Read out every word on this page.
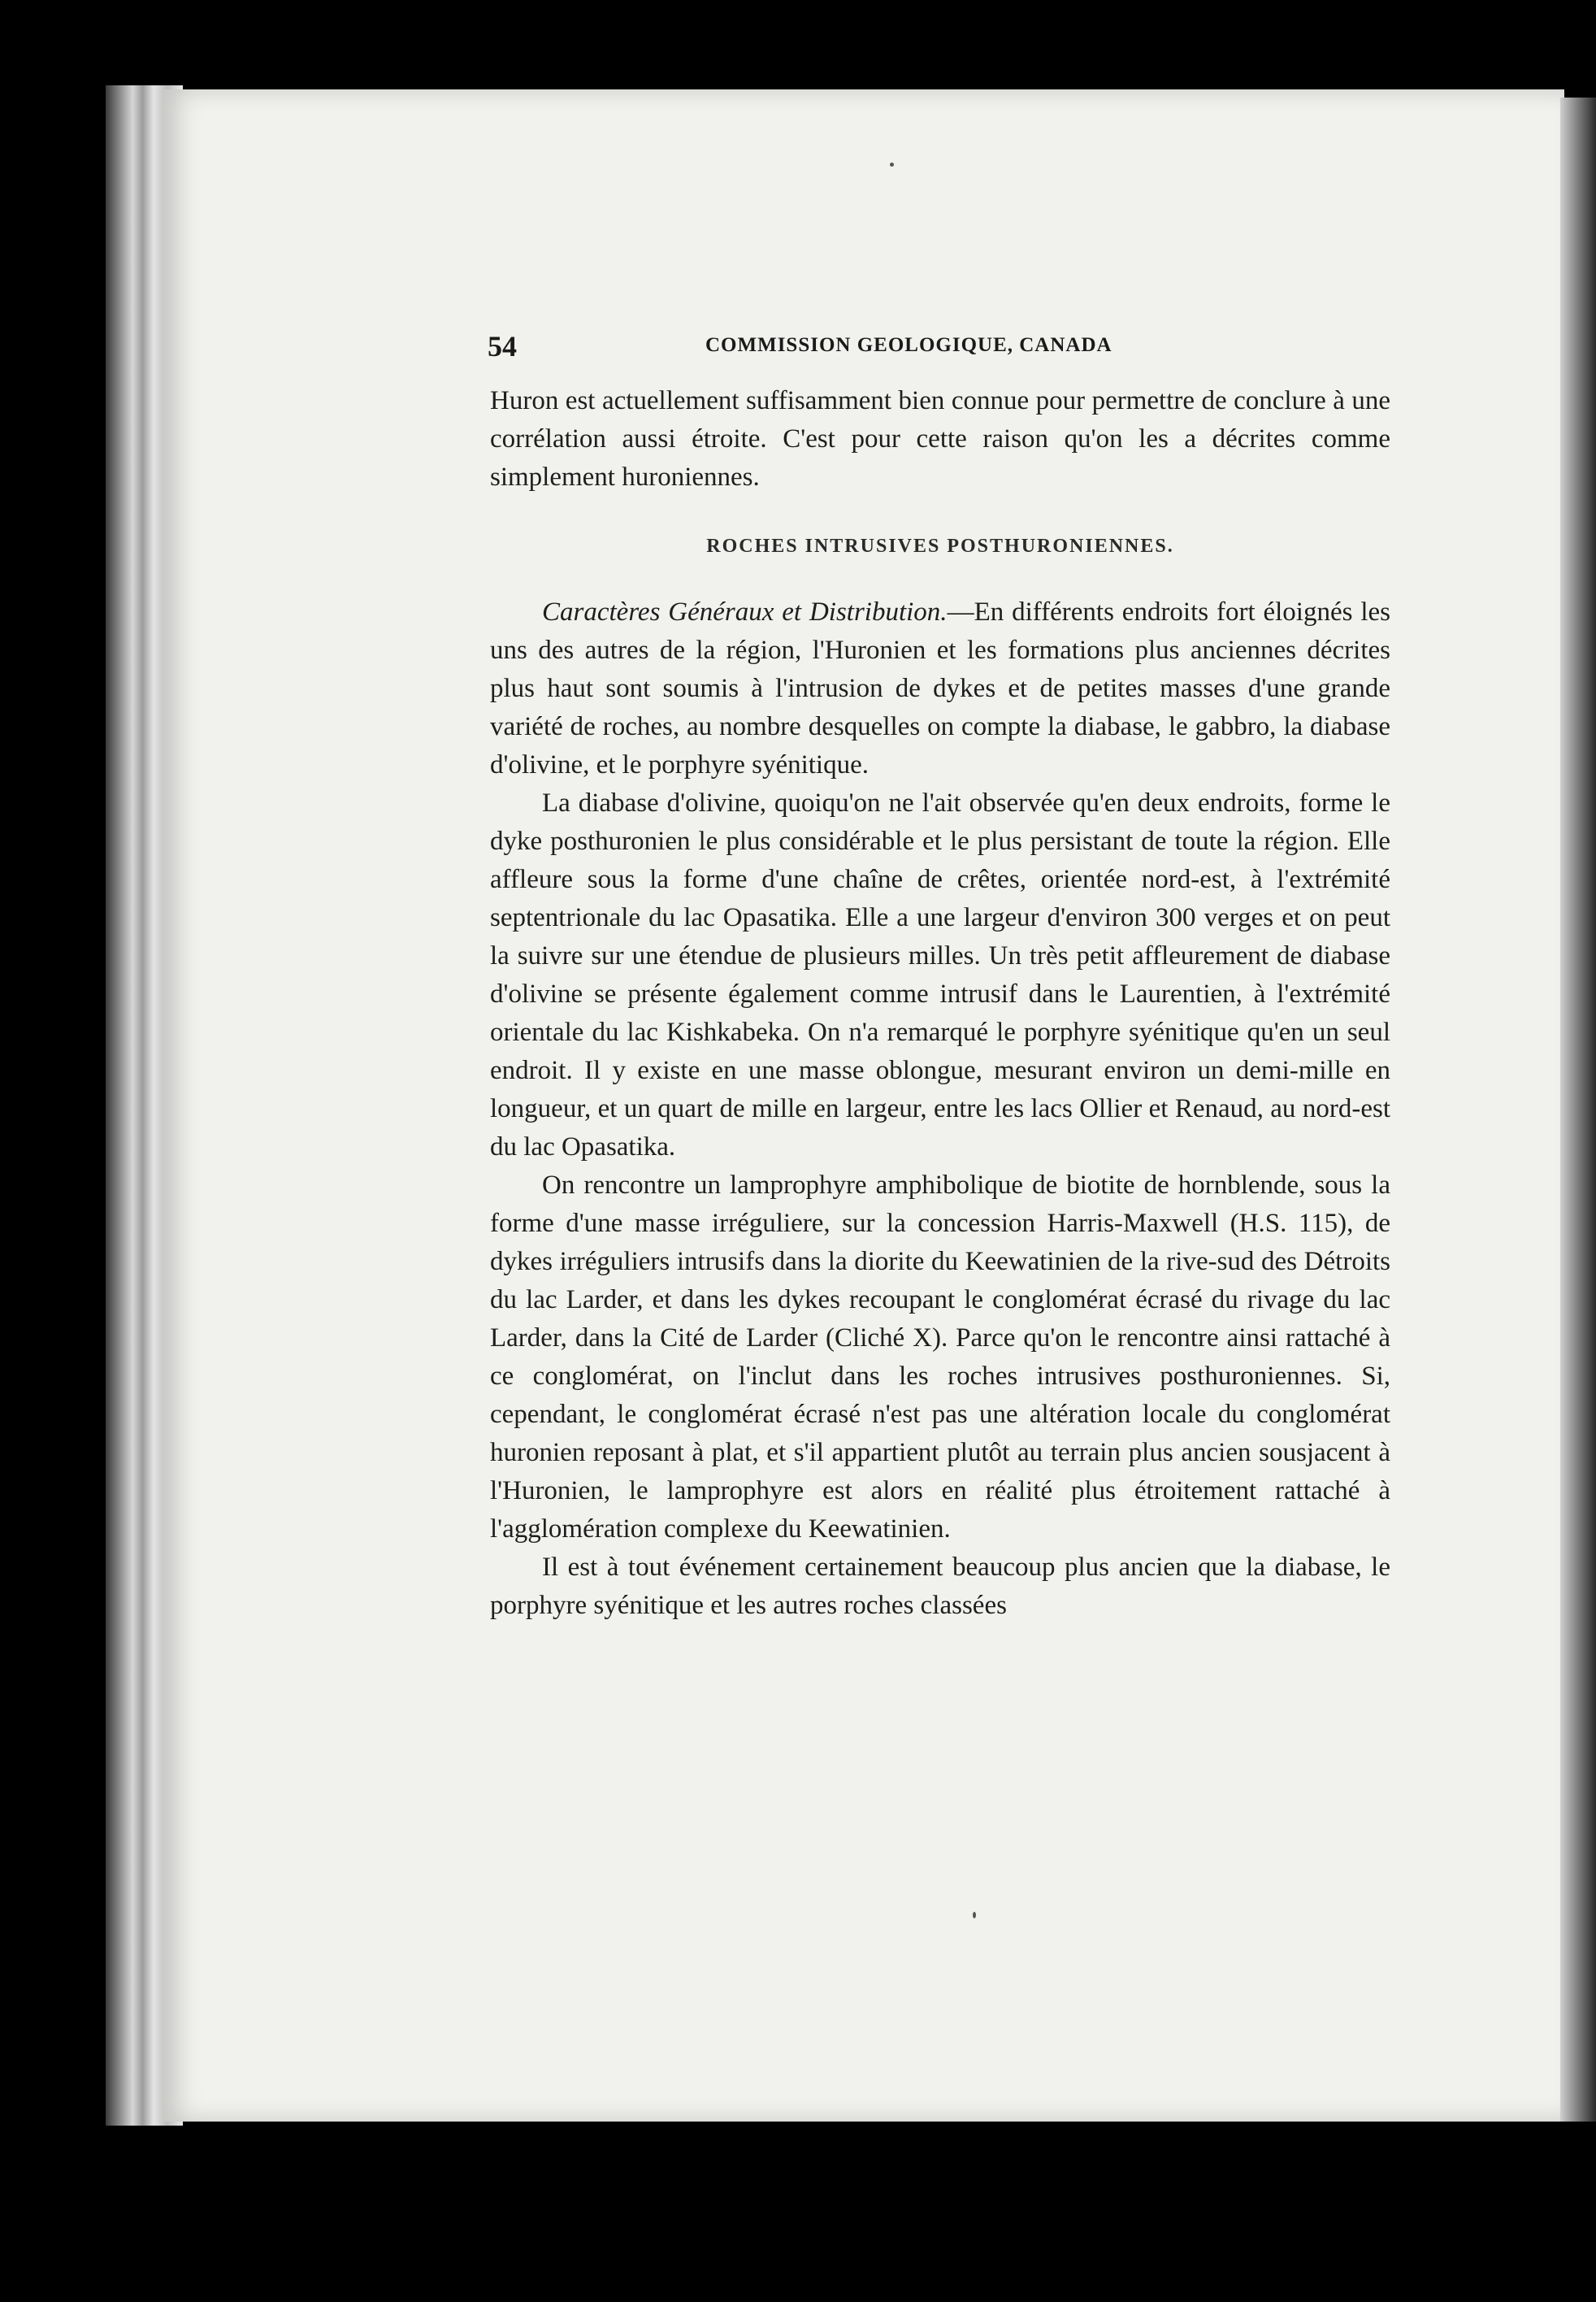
54	COMMISSION GEOLOGIQUE, CANADA

Huron est actuellement suffisamment bien connue pour permettre de conclure à une corrélation aussi étroite. C'est pour cette raison qu'on les a décrites comme simplement huroniennes.

ROCHES INTRUSIVES POSTHURONIENNES.

Caractères Généraux et Distribution.—En différents endroits fort éloignés les uns des autres de la région, l'Huronien et les formations plus anciennes décrites plus haut sont soumis à l'intrusion de dykes et de petites masses d'une grande variété de roches, au nombre desquelles on compte la diabase, le gabbro, la diabase d'olivine, et le porphyre syénitique.

La diabase d'olivine, quoiqu'on ne l'ait observée qu'en deux endroits, forme le dyke posthuronien le plus considérable et le plus persistant de toute la région. Elle affleure sous la forme d'une chaîne de crêtes, orientée nord-est, à l'extrémité septentrionale du lac Opasatika. Elle a une largeur d'environ 300 verges et on peut la suivre sur une étendue de plusieurs milles. Un très petit affleurement de diabase d'olivine se présente également comme intrusif dans le Laurentien, à l'extrémité orientale du lac Kishkabeka. On n'a remarqué le porphyre syénitique qu'en un seul endroit. Il y existe en une masse oblongue, mesurant environ un demi-mille en longueur, et un quart de mille en largeur, entre les lacs Ollier et Renaud, au nord-est du lac Opasatika.

On rencontre un lamprophyre amphibolique de biotite de hornblende, sous la forme d'une masse irréguliere, sur la concession Harris-Maxwell (H.S. 115), de dykes irréguliers intrusifs dans la diorite du Keewatinien de la rive-sud des Détroits du lac Larder, et dans les dykes recoupant le conglomérat écrasé du rivage du lac Larder, dans la Cité de Larder (Cliché X). Parce qu'on le rencontre ainsi rattaché à ce conglomérat, on l'inclut dans les roches intrusives posthuroniennes. Si, cependant, le conglomérat écrasé n'est pas une altération locale du conglomérat huronien reposant à plat, et s'il appartient plutôt au terrain plus ancien sousjacent à l'Huronien, le lamprophyre est alors en réalité plus étroitement rattaché à l'agglomération complexe du Keewatinien.

Il est à tout événement certainement beaucoup plus ancien que la diabase, le porphyre syénitique et les autres roches classées
